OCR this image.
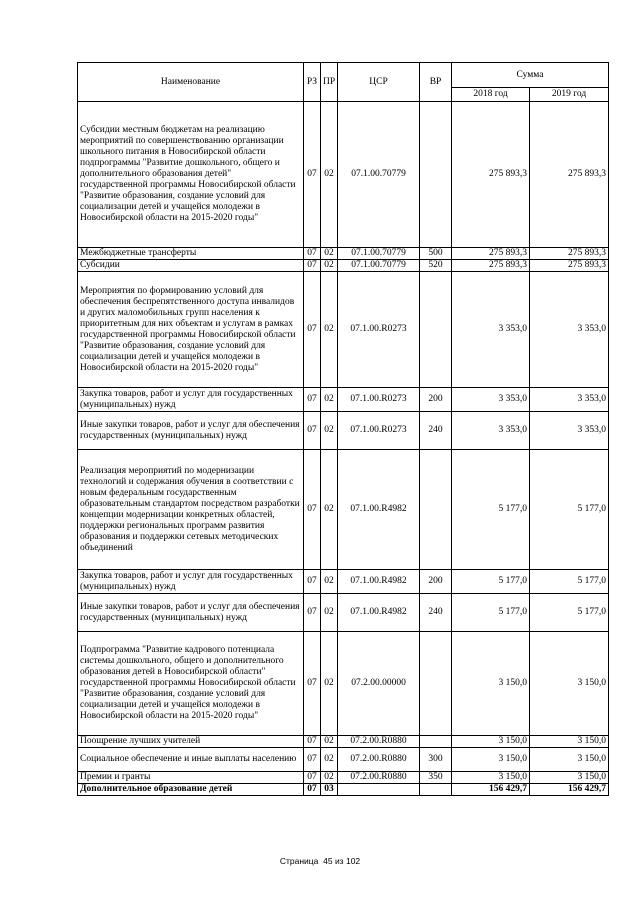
Наименование	РЗ	ПР	ЦСР	ВР	Сумма	
					2018 год	2019 год
Субсидии местным бюджетам на реализацию мероприятий по совершенствованию организации школьного питания в Новосибирской области подпрограммы "Развитие дошкольного, общего и дополнительного образования детей" государственной программы Новосибирской области "Развитие образования, создание условий для социализации детей и учащейся молодежи в Новосибирской области на 2015-2020 годы"	07	02	07.1.00.70779		275 893,3	275 893,3
Межбюджетные трансферты	07	02	07.1.00.70779	500	275 893,3	275 893,3
Субсидии	07	02	07.1.00.70779	520	275 893,3	275 893,3
Мероприятия по формированию условий для обеспечения беспрепятственного доступа инвалидов и других маломобильных групп населения к приоритетным для них объектам и услугам в рамках государственной программы Новосибирской области "Развитие образования, создание условий для социализации детей и учащейся молодежи в Новосибирской области на 2015-2020 годы"	07	02	07.1.00.R0273		3 353,0	3 353,0
Закупка товаров, работ и услуг для государственных (муниципальных) нужд	07	02	07.1.00.R0273	200	3 353,0	3 353,0
Иные закупки товаров, работ и услуг для обеспечения государственных (муниципальных) нужд	07	02	07.1.00.R0273	240	3 353,0	3 353,0
Реализация мероприятий по модернизации технологий и содержания обучения в соответствии с новым федеральным государственным образовательным стандартом посредством разработки концепции модернизации конкретных областей, поддержки региональных программ развития образования и поддержки сетевых методических объединений	07	02	07.1.00.R4982		5 177,0	5 177,0
Закупка товаров, работ и услуг для государственных (муниципальных) нужд	07	02	07.1.00.R4982	200	5 177,0	5 177,0
Иные закупки товаров, работ и услуг для обеспечения государственных (муниципальных) нужд	07	02	07.1.00.R4982	240	5 177,0	5 177,0
Подпрограмма "Развитие кадрового потенциала системы дошкольного, общего и дополнительного образования детей в Новосибирской области" государственной программы Новосибирской области "Развитие образования, создание условий для социализации детей и учащейся молодежи в Новосибирской области на 2015-2020 годы"	07	02	07.2.00.00000		3 150,0	3 150,0
Поощрение лучших учителей	07	02	07.2.00.R0880		3 150,0	3 150,0
Социальное обеспечение и иные выплаты населению	07	02	07.2.00.R0880	300	3 150,0	3 150,0
Премии и гранты	07	02	07.2.00.R0880	350	3 150,0	3 150,0
Дополнительное образование детей	07	03			156 429,7	156 429,7
Страница 45 из 102
